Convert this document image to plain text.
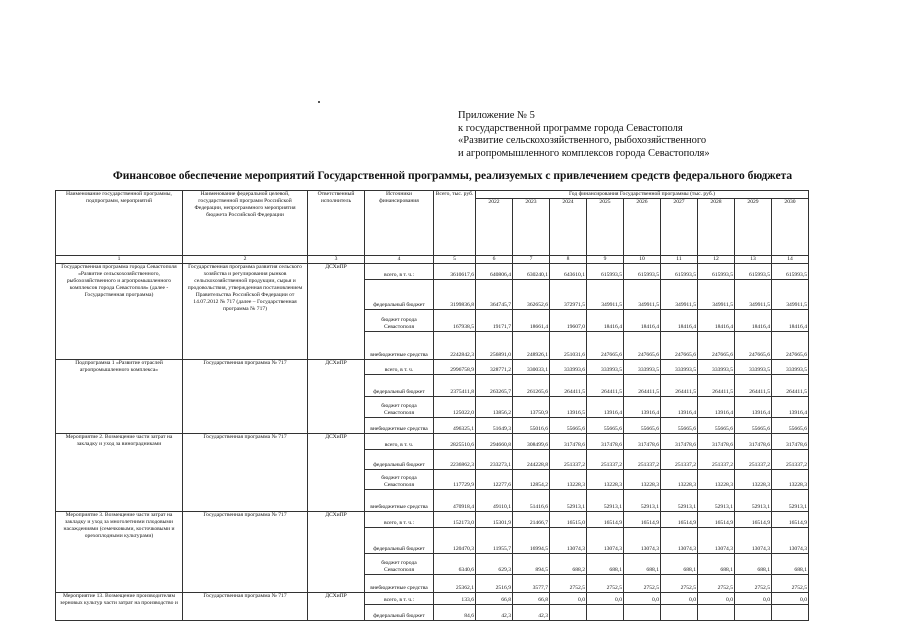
Приложение № 5
к государственной программе города Севастополя
«Развитие сельскохозяйственного, рыбохозяйственного
и агропромышленного комплексов города Севастополя»
Финансовое обеспечение мероприятий Государственной программы, реализуемых с привлечением средств федерального бюджета
Наименование государственной программы, подпрограмм, мероприятий	Наименование федеральной целевой, государственной программ Российской Федерации, непрограммного мероприятия бюджета Российской Федерации	Ответственный исполнитель	Источники финансирования	Всего, тыс. руб.	Год финансирования Государственной программы (тыс. руб.)								
					2022	2023	2024	2025	2026	2027	2028	2029	2030
1	2	3	4	5	6	7	8	9	10	11	12	13	14
Государственная программа города Севастополя «Развитие сельскохозяйственного, рыбохозяйственного и агропромышленного комплексов города Севастополя» (далее - Государственная программа)	Государственная программа развития сельского хозяйства и регулирования рынков сельскохозяйственной продукции, сырья и продовольствия, утвержденная постановлением Правительства Российской Федерации от 14.07.2012 № 717 (далее – Государственная программа № 717)	ДСХиПР	всего, в т. ч.:	3610617,6	640806,4	630240,1	643610,1	615993,5	615993,5	615993,5	615993,5	615993,5	615993,5
			федеральный бюджет	3199836,8	364745,7	362652,6	372971,5	349911,5	349911,5	349911,5	349911,5	349911,5	349911,5
			бюджет города Севастополя	167938,5	19171,7	18661,4	19607,0	18416,4	18416,4	18416,4	18416,4	18416,4	18416,4
			внебюджетные средства	2242842,3	256891,0	248926,1	251031,6	247665,6	247665,6	247665,6	247665,6	247665,6	247665,6
Подпрограмма 1 «Развитие отраслей агропромышленного комплекса»	Государственная программа № 717	ДСХиПР	всего, в т. ч.	2996758,9	328771,2	330033,1	333993,6	333993,5	333993,5	333993,5	333993,5	333993,5	333993,5
			федеральный бюджет	2375411,8	263265,7	261265,6	264411,5	264411,5	264411,5	264411,5	264411,5	264411,5	264411,5
			бюджет города Севастополя	125022,0	13856,2	13750,9	13916,5	13916,4	13916,4	13916,4	13916,4	13916,4	13916,4
			внебюджетные средства	496325,1	51649,3	55016,6	55665,6	55665,6	55665,6	55665,6	55665,6	55665,6	55665,6
Мероприятие 2. Возмещение части затрат на закладку и уход за виноградниками	Государственная программа № 717	ДСХиПР	всего, в т. ч.	2825510,6	294660,8	308499,6	317478,6	317478,6	317478,6	317478,6	317478,6	317478,6	317478,6
			федеральный бюджет	2236862,3	233273,1	244228,8	251337,2	251337,2	251337,2	251337,2	251337,2	251337,2	251337,2
			бюджет города Севастополя	117729,9	12277,6	12854,2	13228,3	13228,3	13228,3	13228,3	13228,3	13228,3	13228,3
			внебюджетные средства	470918,4	49110,1	51416,6	52913,1	52913,1	52913,1	52913,1	52913,1	52913,1	52913,1
Мероприятие 3. Возмещение части затрат на закладку и уход за многолетними плодовыми насаждениями (семечковыми, косточковыми и орехоплодными культурами)	Государственная программа № 717	ДСХиПР	всего, в т. ч.:	152173,0	15301,9	21466,7	16515,0	16514,9	16514,9	16514,9	16514,9	16514,9	16514,9
			федеральный бюджет	120470,3	11955,7	16994,5	13074,3	13074,3	13074,3	13074,3	13074,3	13074,3	13074,3
			бюджет города Севастополя	6340,6	629,3	894,5	688,2	688,1	688,1	688,1	688,1	688,1	688,1
			внебюджетные средства	25362,1	2516,9	3577,7	2752,5	2752,5	2752,5	2752,5	2752,5	2752,5	2752,5
Мероприятие 13. Возмещение производителям зерновых культур части затрат на производство и	Государственная программа № 717	ДСХиПР	всего, в т. ч.:	133,6	66,8	66,8	0,0	0,0	0,0	0,0	0,0	0,0	0,0
			федеральный бюджет	84,6	42,3	42,3							
